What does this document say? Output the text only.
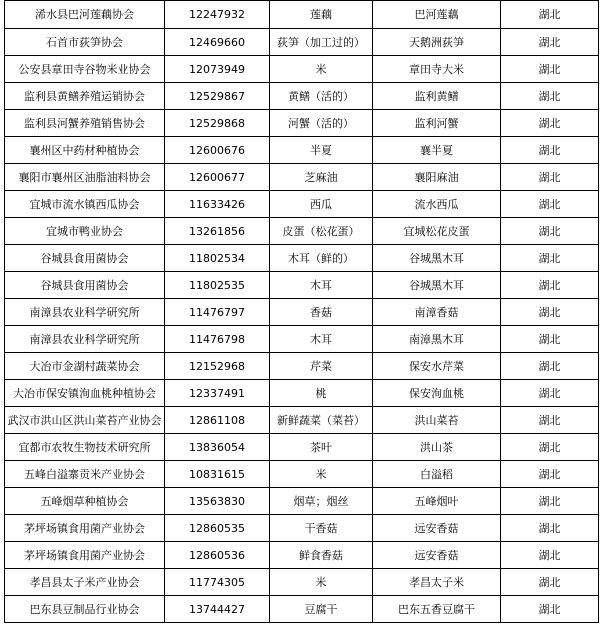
浠水县巴河莲藕协会	12247932	莲藕	巴河莲藕	湖北
石首市荻笋协会	12469660	荻笋（加工过的）	天鹅洲荻笋	湖北
公安县章田寺谷物米业协会	12073949	米	章田寺大米	湖北
监利县黄鳝养殖运销协会	12529867	黄鳝（活的）	监利黄鳝	湖北
监利县河蟹养殖销售协会	12529868	河蟹（活的）	监利河蟹	湖北
襄州区中药材种植协会	12600676	半夏	襄半夏	湖北
襄阳市襄州区油脂油料协会	12600677	芝麻油	襄阳麻油	湖北
宜城市流水镇西瓜协会	11633426	西瓜	流水西瓜	湖北
宜城市鸭业协会	13261856	皮蛋（松花蛋）	宜城松花皮蛋	湖北
谷城县食用菌协会	11802534	木耳（鲜的）	谷城黑木耳	湖北
谷城县食用菌协会	11802535	木耳	谷城黑木耳	湖北
南漳县农业科学研究所	11476797	香菇	南漳香菇	湖北
南漳县农业科学研究所	11476798	木耳	南漳黑木耳	湖北
大冶市金湖村蔬菜协会	12152968	芹菜	保安水芹菜	湖北
大冶市保安镇洵血桃种植协会	12337491	桃	保安洵血桃	湖北
武汉市洪山区洪山菜苔产业协会	12861108	新鲜蔬菜（菜苔）	洪山菜苔	湖北
宜都市农牧生物技术研究所	13836054	茶叶	洪山茶	湖北
五峰白溢寨贡米产业协会	10831615	米	白溢稻	湖北
五峰烟草种植协会	13563830	烟草；烟丝	五峰烟叶	湖北
茅坪场镇食用菌产业协会	12860535	干香菇	远安香菇	湖北
茅坪场镇食用菌产业协会	12860536	鲜食香菇	远安香菇	湖北
孝昌县太子米产业协会	11774305	米	孝昌太子米	湖北
巴东县豆制品行业协会	13744427	豆腐干	巴东五香豆腐干	湖北
